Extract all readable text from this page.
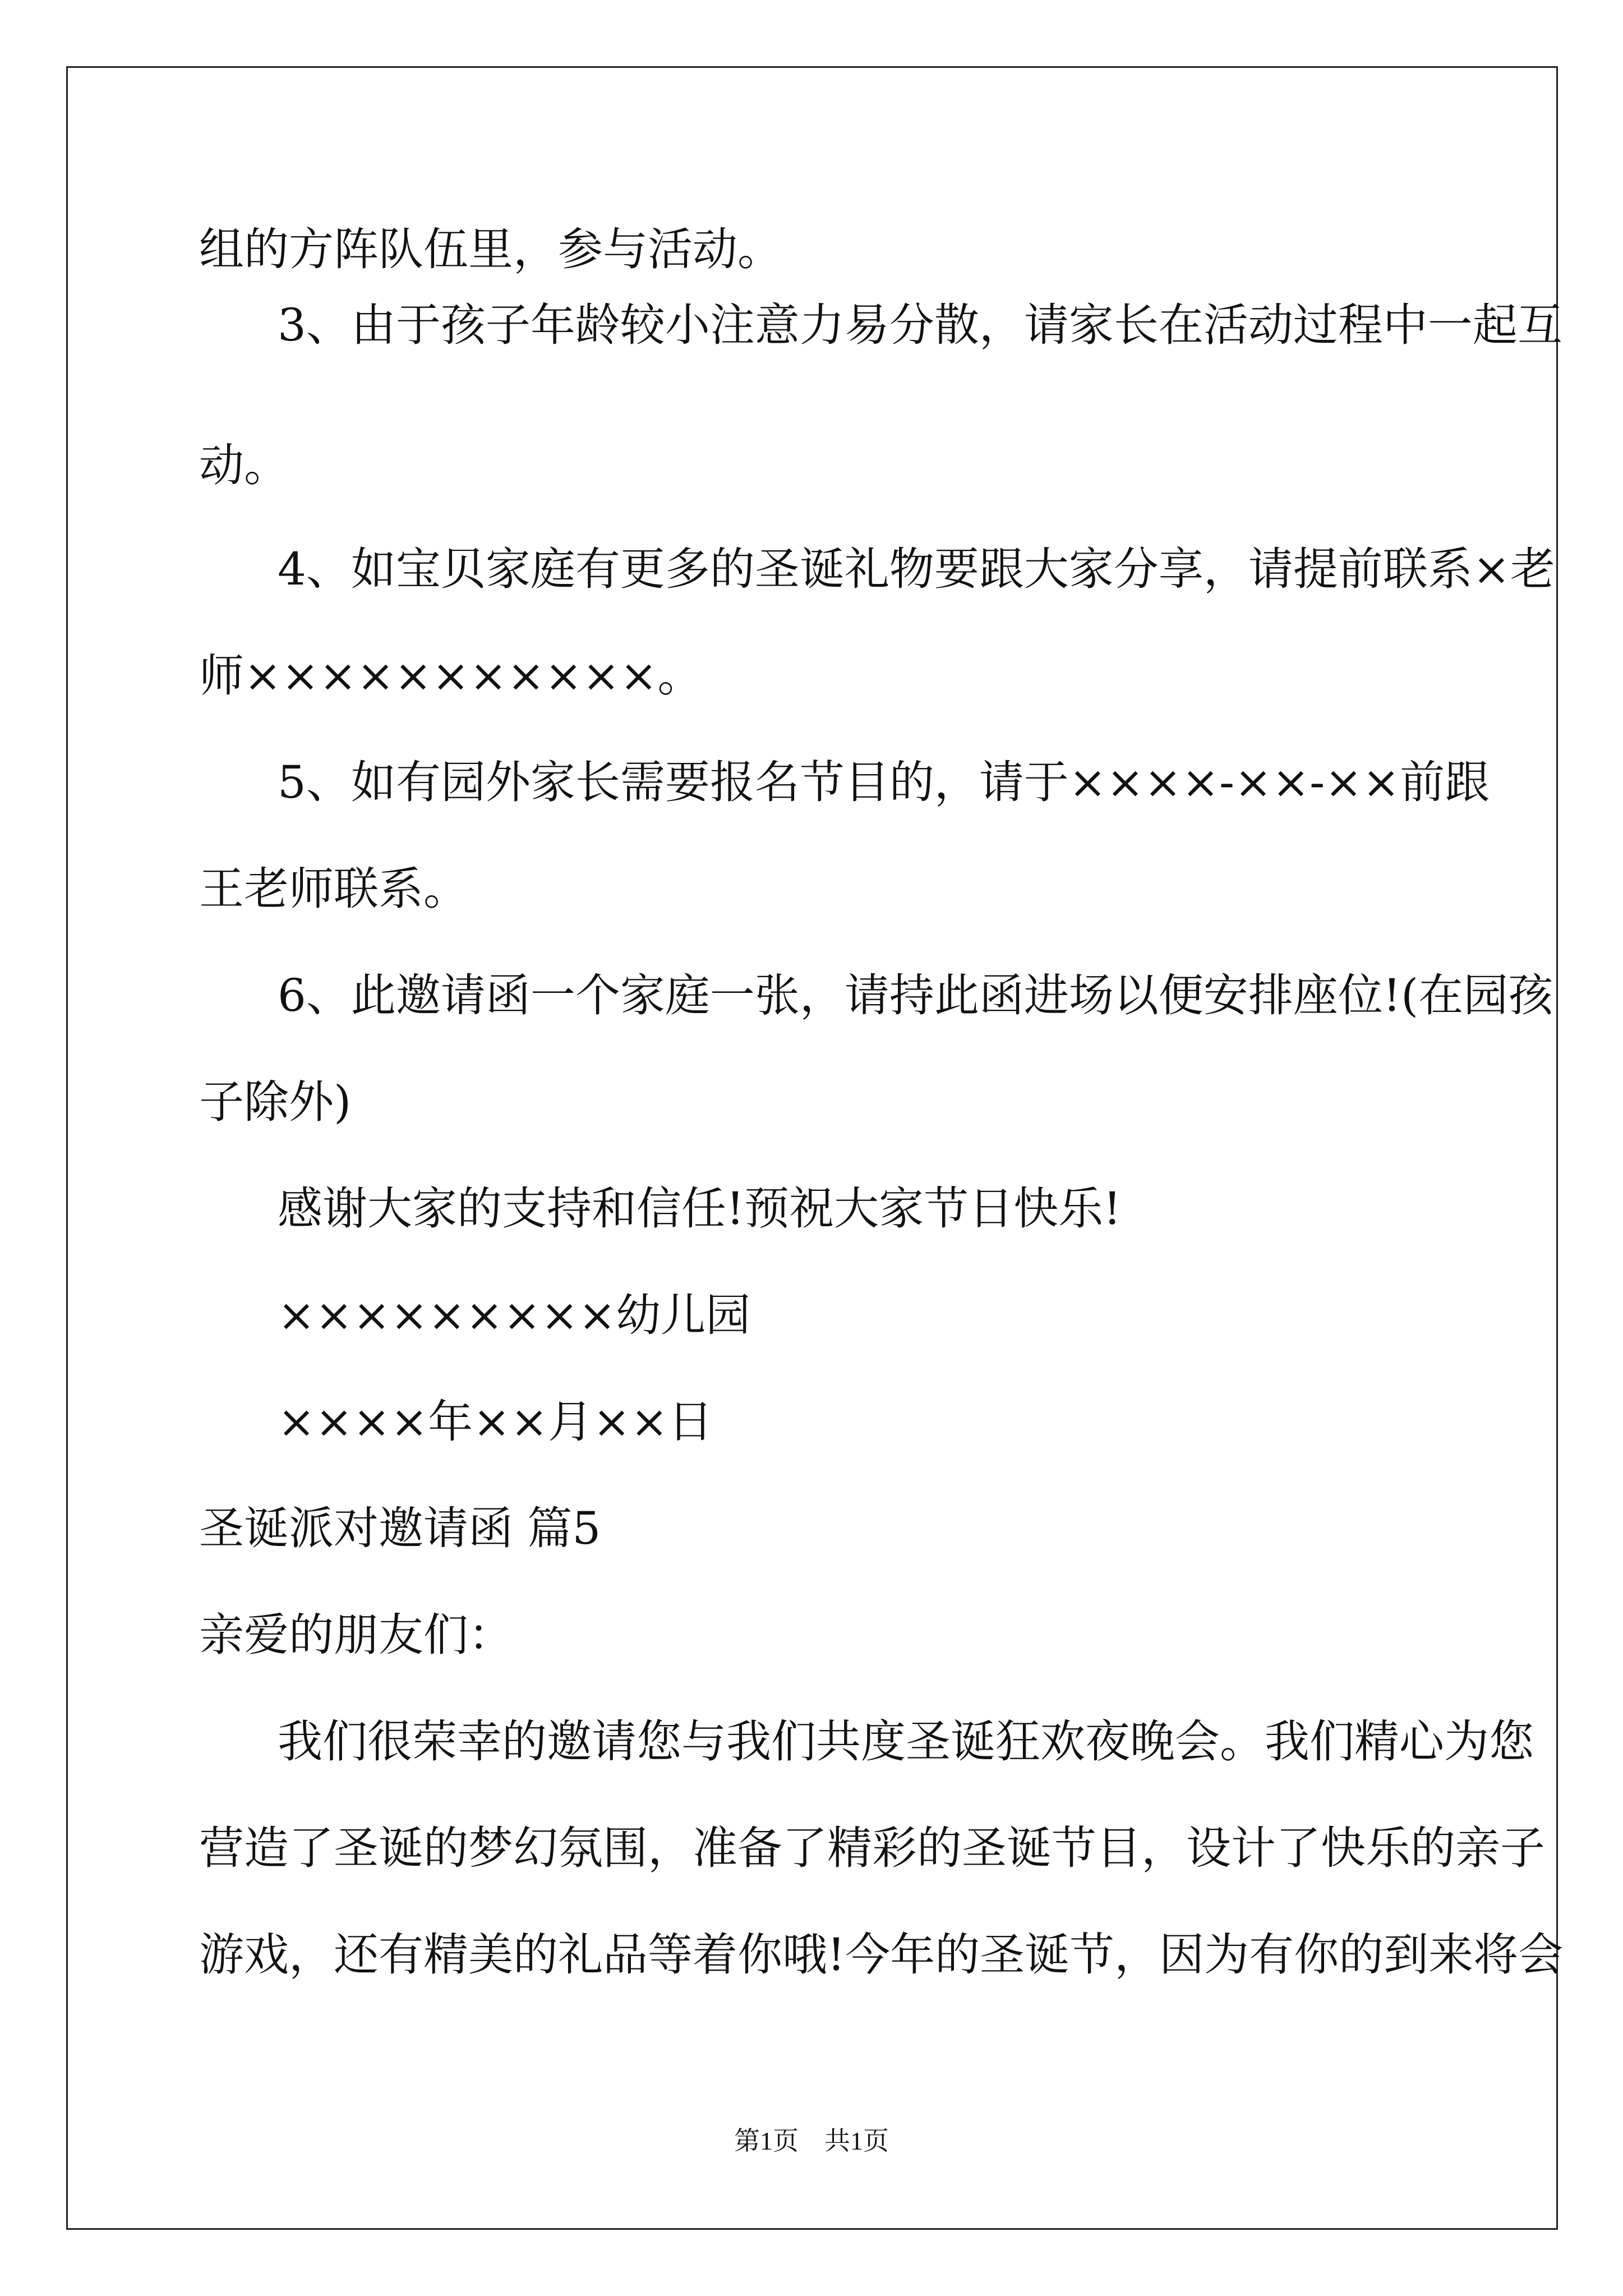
组的方阵队伍里，参与活动。
3、由于孩子年龄较小注意力易分散，请家长在活动过程中一起互
动。
4、如宝贝家庭有更多的圣诞礼物要跟大家分享，请提前联系×老
师×××××××××××。
5、如有园外家长需要报名节目的，请于××××-××-××前跟
王老师联系。
6、此邀请函一个家庭一张，请持此函进场以便安排座位!(在园孩
子除外)
感谢大家的支持和信任!预祝大家节日快乐!
×××××××××幼儿园
××××年××月××日
圣诞派对邀请函 篇5
亲爱的朋友们：
我们很荣幸的邀请您与我们共度圣诞狂欢夜晚会。我们精心为您
营造了圣诞的梦幻氛围，准备了精彩的圣诞节目，设计了快乐的亲子
游戏，还有精美的礼品等着你哦!今年的圣诞节，因为有你的到来将会
第1页　共1页
